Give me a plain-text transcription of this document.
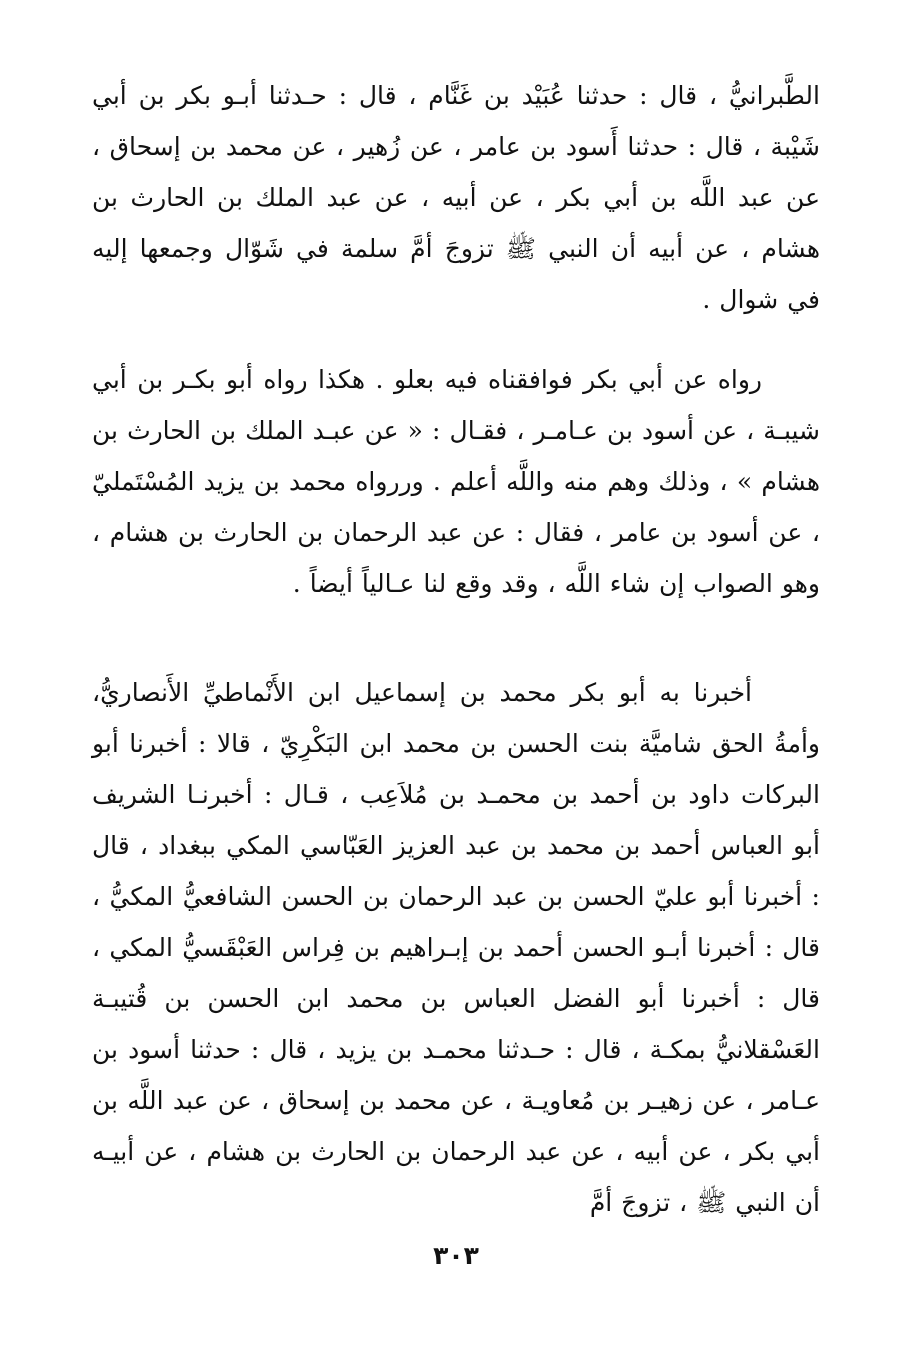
الطَّبرانيُّ ، قال : حدثنا عُبَيْد بن غَنَّام ، قال : حـدثنا أبـو بكر بن أبي شَيْبة ، قال : حدثنا أَسود بن عامر ، عن زُهير ، عن محمد بن إسحاق ، عن عبد اللَّه بن أبي بكر ، عن أبيه ، عن عبد الملك بن الحارث بن هشام ، عن أبيه أن النبي ﷺ تزوجَ أمَّ سلمة في شَوّال وجمعها إليه في شوال .

رواه عن أبي بكر فوافقناه فيه بعلو . هكذا رواه أبو بكـر بن أبي شيبـة ، عن أسود بن عـامـر ، فقـال : « عن عبـد الملك بن الحارث بن هشام » ، وذلك وهم منه واللَّه أعلم . وررواه محمد بن يزيد المُسْتَمليّ ، عن أسود بن عامر ، فقال : عن عبد الرحمان بن الحارث بن هشام ، وهو الصواب إن شاء اللَّه ، وقد وقع لنا عـالياً أيضاً .

أخبرنا به أبو بكر محمد بن إسماعيل ابن الأَنْماطيِّ الأَنصاريُّ، وأمةُ الحق شاميَّة بنت الحسن بن محمد ابن البَكْرِيّ ، قالا : أخبرنا أبو البركات داود بن أحمد بن محمـد بن مُلاَعِب ، قـال : أخبرنـا الشريف أبو العباس أحمد بن محمد بن عبد العزيز العَبّاسي المكي ببغداد ، قال : أخبرنا أبو عليّ الحسن بن عبد الرحمان بن الحسن الشافعيُّ المكيُّ ، قال : أخبرنا أبـو الحسن أحمد بن إبـراهيم بن فِراس العَبْقَسيُّ المكي ، قال : أخبرنا أبو الفضل العباس بن محمد ابن الحسن بن قُتيبـة العَسْقلانيُّ بمكـة ، قال : حـدثنا محمـد بن يزيد ، قال : حدثنا أسود بن عـامر ، عن زهيـر بن مُعاويـة ، عن محمد بن إسحاق ، عن عبد اللَّه بن أبي بكر ، عن أبيه ، عن عبد الرحمان بن الحارث بن هشام ، عن أبيـه أن النبي ﷺ ، تزوجَ أمَّ

٣٠٣
